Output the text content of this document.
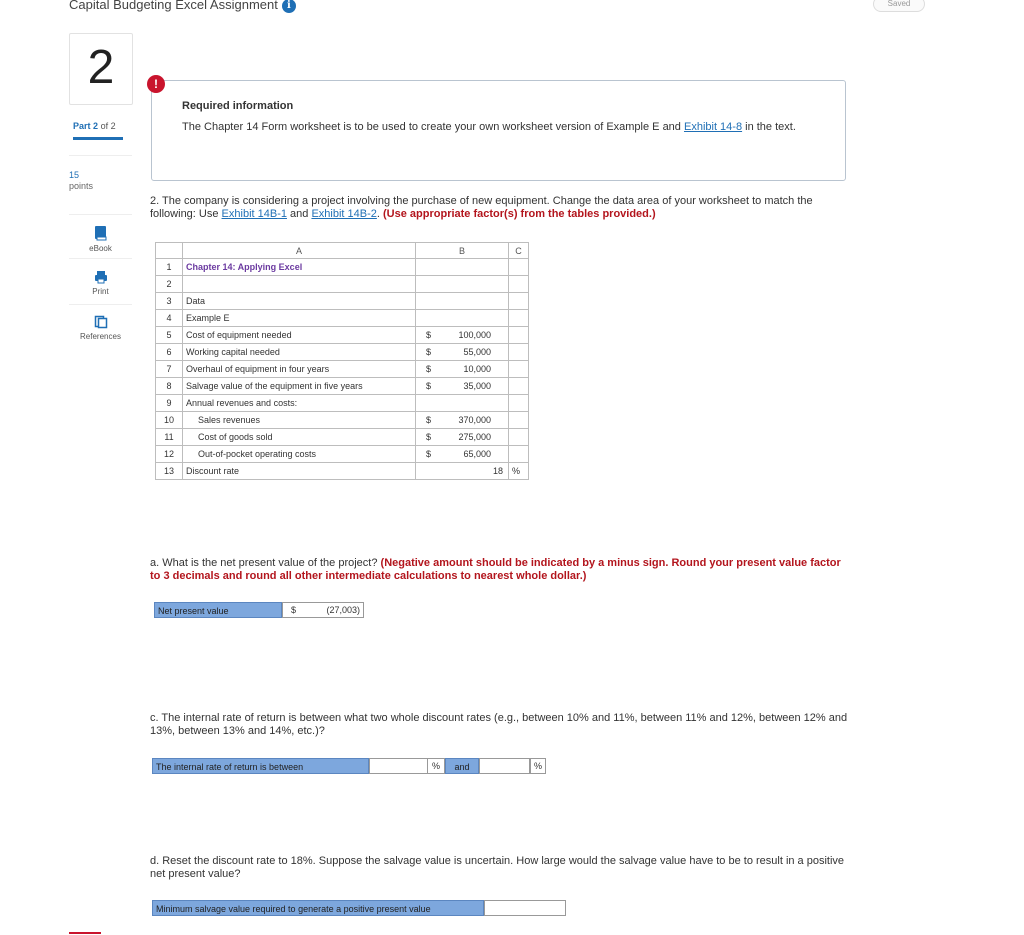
Capital Budgeting Excel Assignment i	Saved
2
Part 2 of 2
15
points
eBook
Print
References
!
Required information
The Chapter 14 Form worksheet is to be used to create your own worksheet version of Example E and Exhibit 14-8 in the text.
2. The company is considering a project involving the purchase of new equipment. Change the data area of your worksheet to match the following: Use Exhibit 14B-1 and Exhibit 14B-2. (Use appropriate factor(s) from the tables provided.)
	A	B	C
1	Chapter 14: Applying Excel	

2		

3	Data	

4	Example E	

5	Cost of equipment needed	$ 100,000	

6	Working capital needed	$ 55,000	

7	Overhaul of equipment in four years	$ 10,000	

8	Salvage value of the equipment in five years	$ 35,000	

9	Annual revenues and costs:	

10	Sales revenues	$ 370,000	

11	Cost of goods sold	$ 275,000	

12	Out-of-pocket operating costs	$ 65,000	

13	Discount rate	18	%
a. What is the net present value of the project? (Negative amount should be indicated by a minus sign. Round your present value factor to 3 decimals and round all other intermediate calculations to nearest whole dollar.)
Net present value	$	(27,003)
c. The internal rate of return is between what two whole discount rates (e.g., between 10% and 11%, between 11% and 12%, between 12% and 13%, between 13% and 14%, etc.)?
The internal rate of return is between	%	and	%
d. Reset the discount rate to 18%. Suppose the salvage value is uncertain. How large would the salvage value have to be to result in a positive net present value?
Minimum salvage value required to generate a positive present value
